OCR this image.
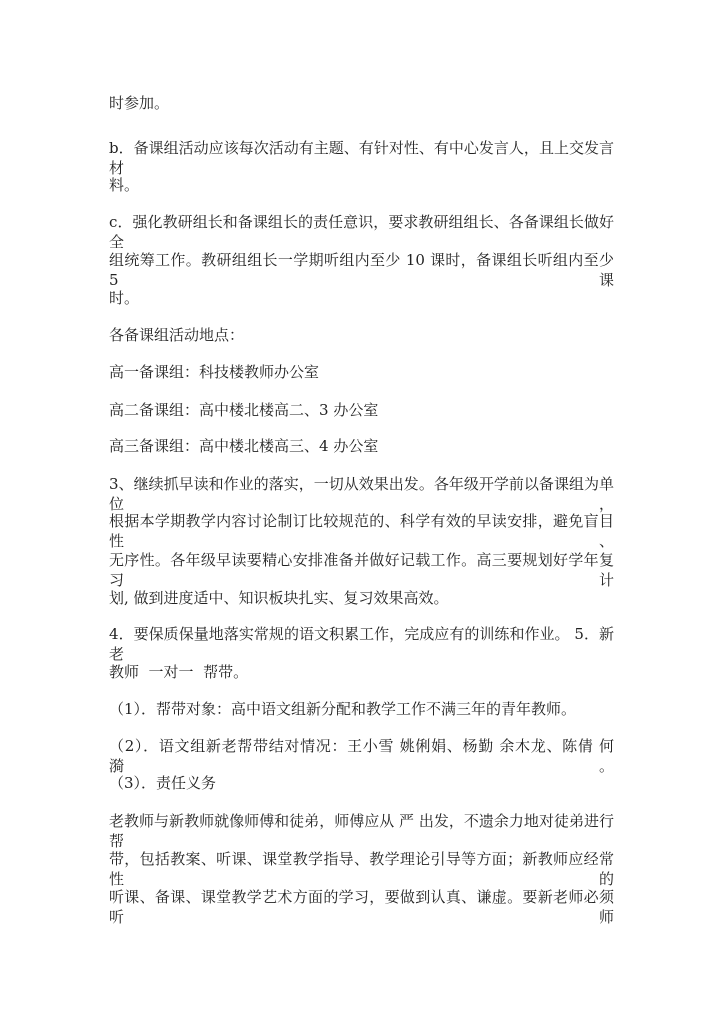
时参加。
b．备课组活动应该每次活动有主题、有针对性、有中心发言人，且上交发言材
料。
c．强化教研组长和备课组长的责任意识，要求教研组组长、各备课组长做好全
组统筹工作。教研组组长一学期听组内至少 10 课时，备课组长听组内至少 5 课
时。
各备课组活动地点：
高一备课组：科技楼教师办公室
高二备课组：高中楼北楼高二、3 办公室
高三备课组：高中楼北楼高三、4 办公室
3、继续抓早读和作业的落实，一切从效果出发。各年级开学前以备课组为单位，
根据本学期教学内容讨论制订比较规范的、科学有效的早读安排，避免盲目性、
无序性。各年级早读要精心安排准备并做好记载工作。高三要规划好学年复习计
划, 做到进度适中、知识板块扎实、复习效果高效。
4．要保质保量地落实常规的语文积累工作，完成应有的训练和作业。 5．新老
教师  一对一  帮带。
（1）．帮带对象：高中语文组新分配和教学工作不满三年的青年教师。
（2）．语文组新老帮带结对情况：王小雪 姚俐娟、杨勤 余木龙、陈倩 何漪。
（3）．责任义务
老教师与新教师就像师傅和徒弟，师傅应从 严 出发，不遗余力地对徒弟进行帮
带，包括教案、听课、课堂教学指导、教学理论引导等方面；新教师应经常性的
听课、备课、课堂教学艺术方面的学习，要做到认真、谦虚。要新老师必须听师
